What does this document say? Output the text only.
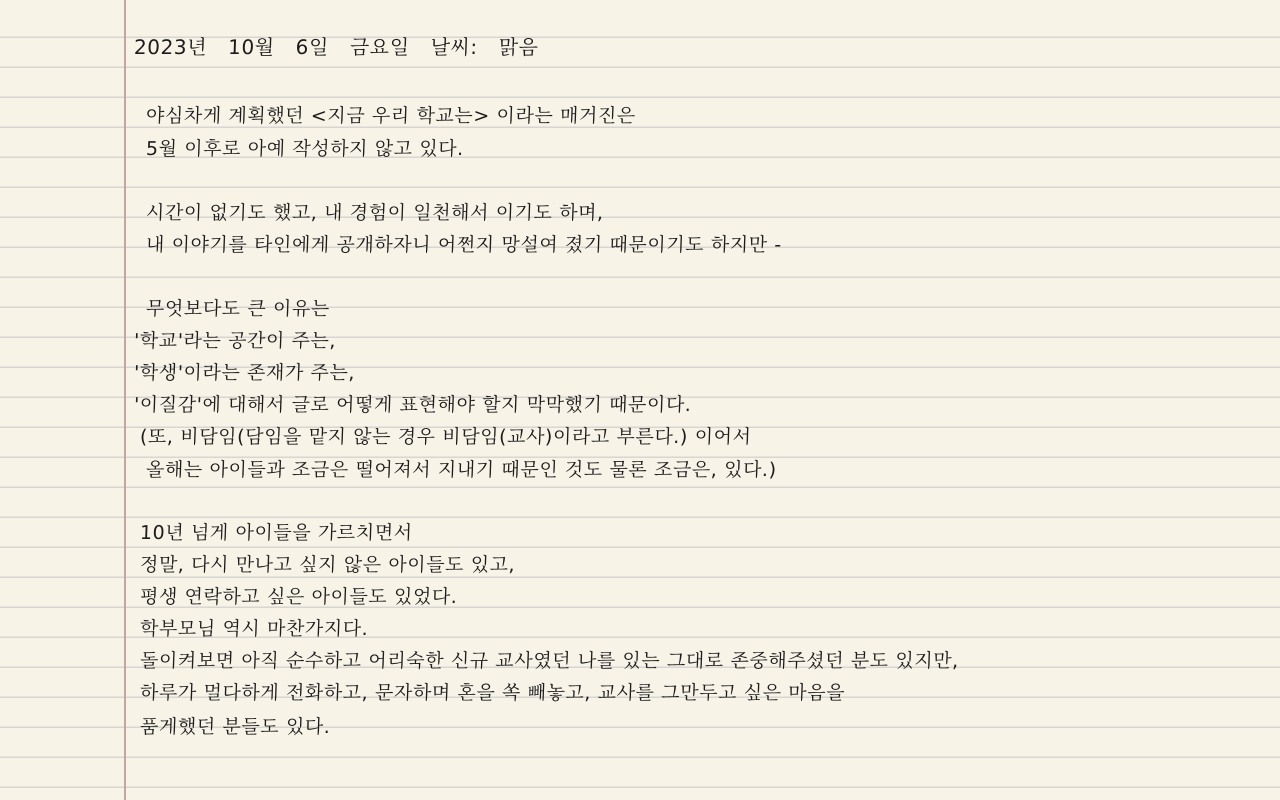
2023년 10월 6일 금요일 날씨: 맑음
야심차게 계획했던 <지금 우리 학교는> 이라는 매거진은
5월 이후로 아예 작성하지 않고 있다.
시간이 없기도 했고, 내 경험이 일천해서 이기도 하며,
내 이야기를 타인에게 공개하자니 어쩐지 망설여 졌기 때문이기도 하지만 -
무엇보다도 큰 이유는
'학교'라는 공간이 주는,
'학생'이라는 존재가 주는,
'이질감'에 대해서 글로 어떻게 표현해야 할지 막막했기 때문이다.
(또, 비담임(담임을 맡지 않는 경우 비담임(교사)이라고 부른다.) 이어서
올해는 아이들과 조금은 떨어져서 지내기 때문인 것도 물론 조금은, 있다.)
10년 넘게 아이들을 가르치면서
정말, 다시 만나고 싶지 않은 아이들도 있고,
평생 연락하고 싶은 아이들도 있었다.
학부모님 역시 마찬가지다.
돌이켜보면 아직 순수하고 어리숙한 신규 교사였던 나를 있는 그대로 존중해주셨던 분도 있지만,
하루가 멀다하게 전화하고, 문자하며 혼을 쏙 빼놓고, 교사를 그만두고 싶은 마음을
품게했던 분들도 있다.
